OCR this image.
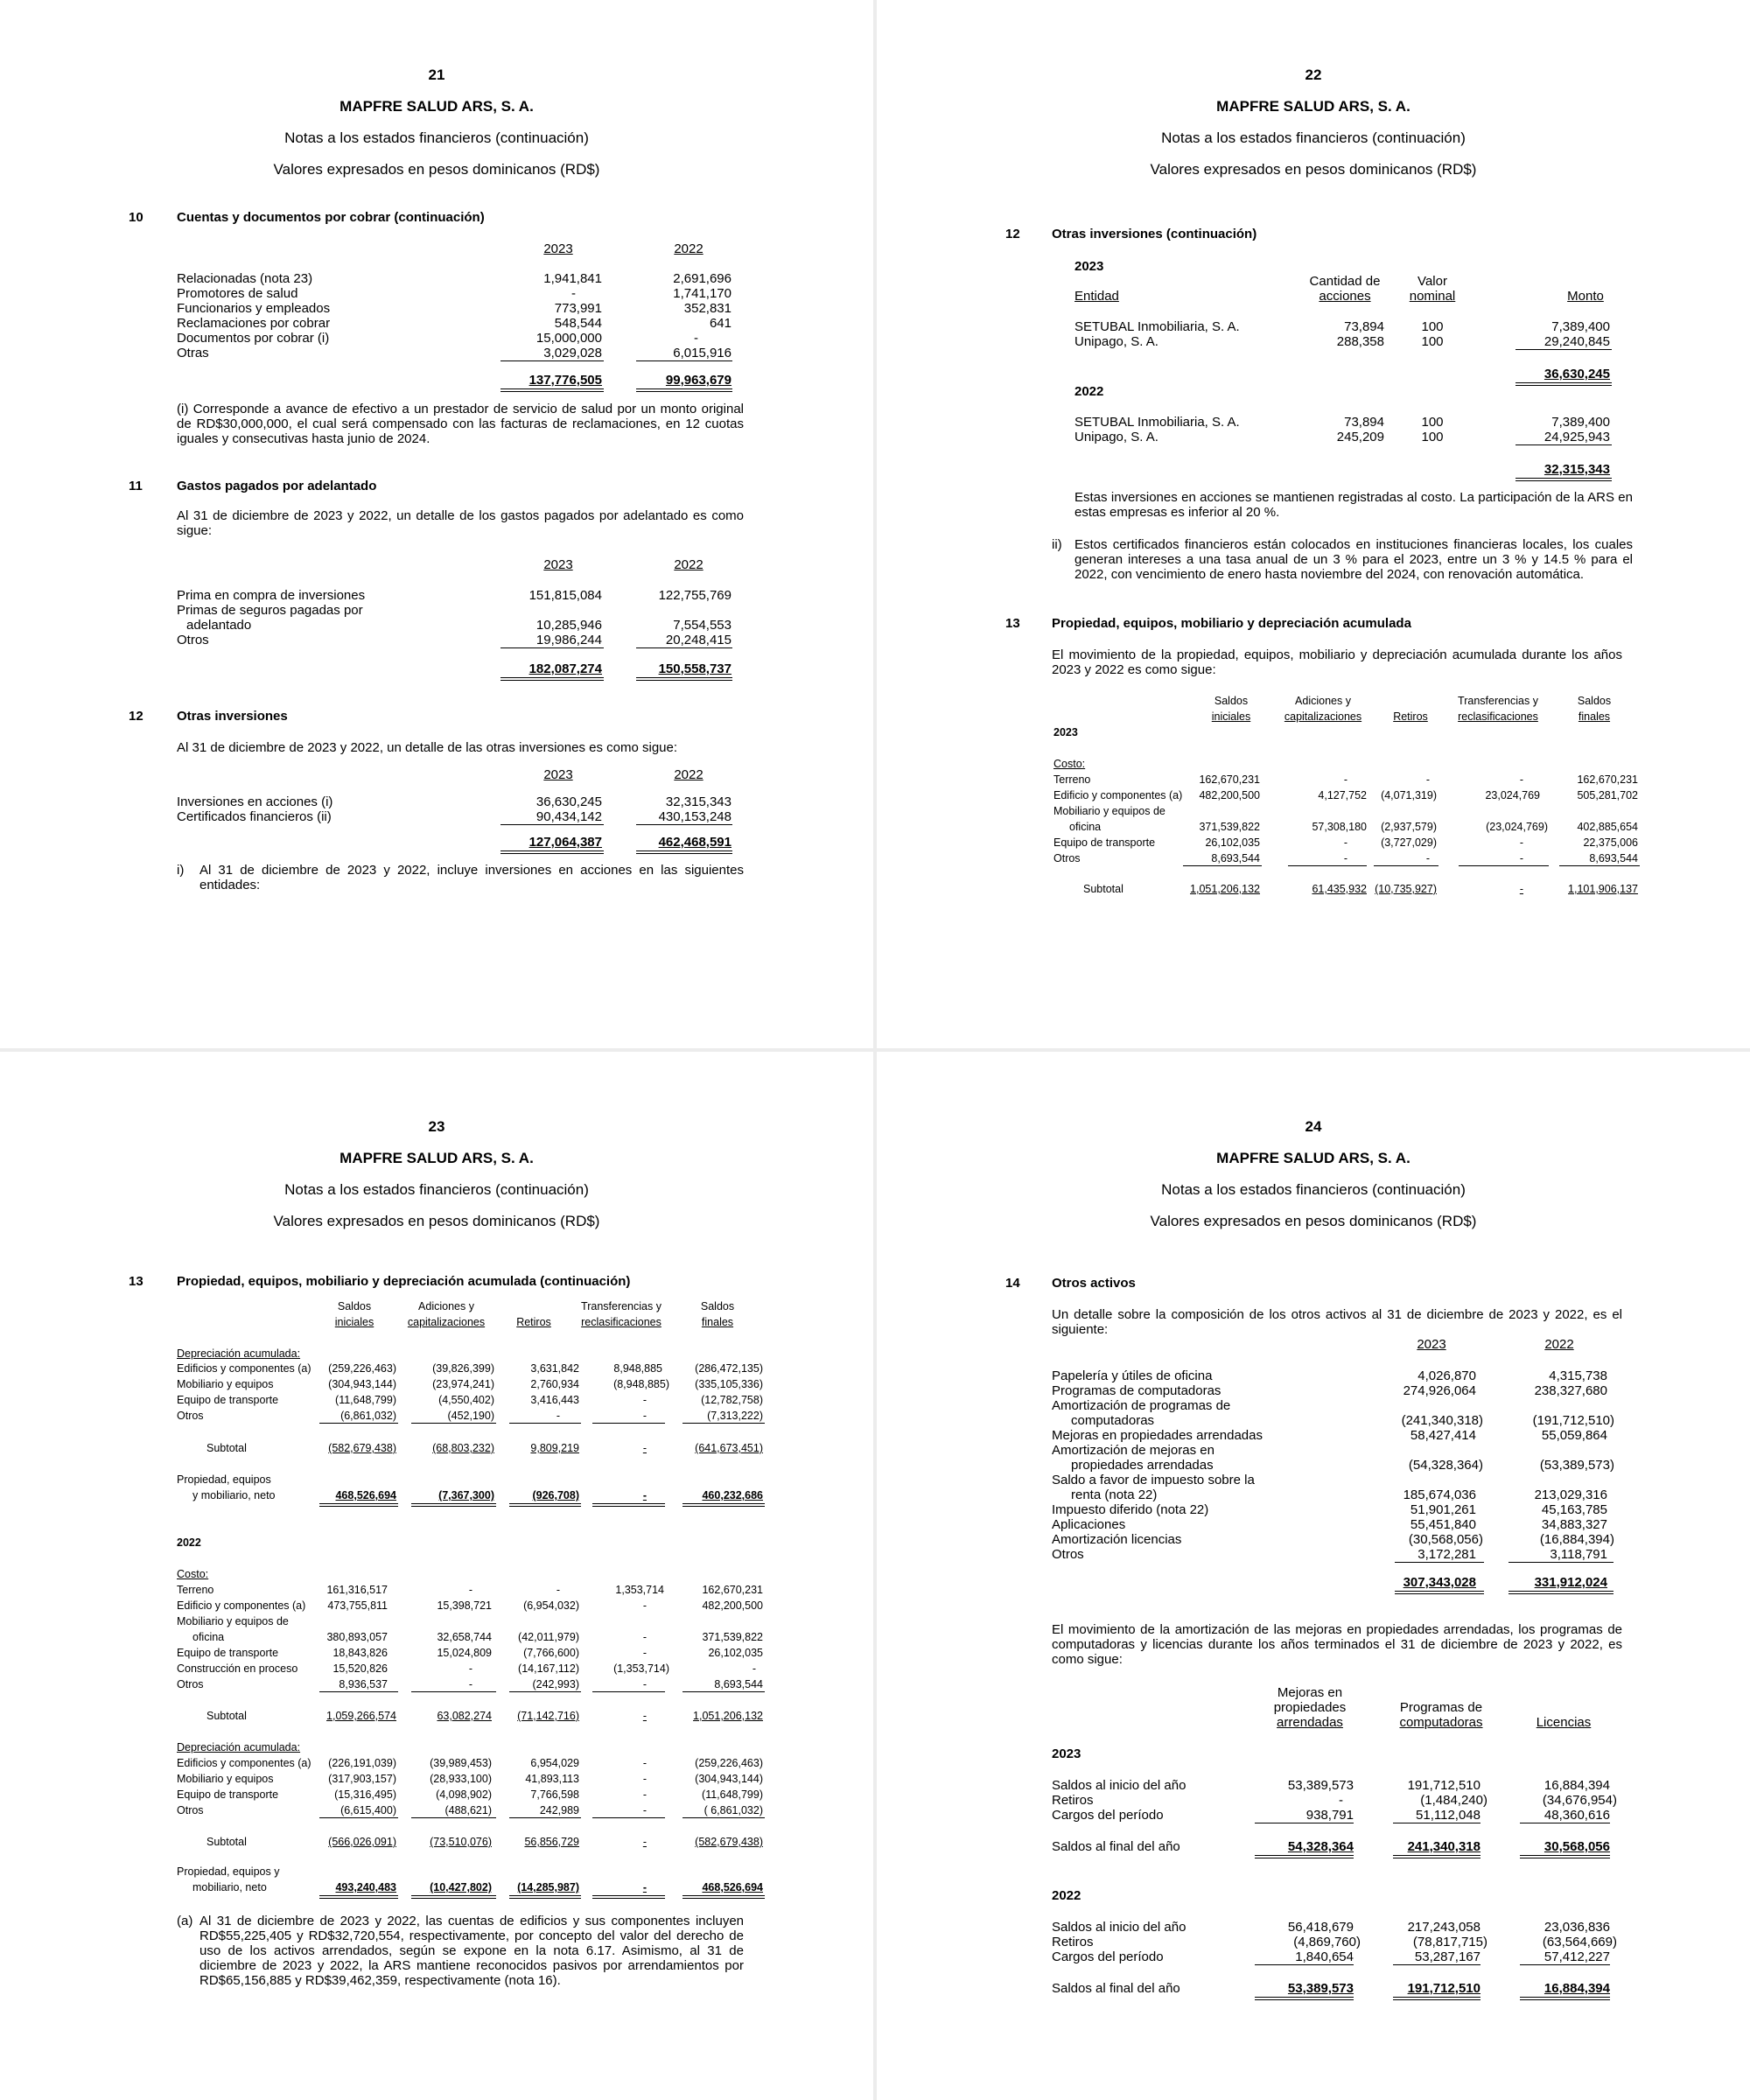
21
MAPFRE SALUD ARS, S. A.
Notas a los estados financieros (continuación)
Valores expresados en pesos dominicanos (RD$)
10	Cuentas y documentos por cobrar (continuación)
2023	2022
Relacionadas (nota 23)	1,941,841	2,691,696
Promotores de salud	-	1,741,170
Funcionarios y empleados	773,991	352,831
Reclamaciones por cobrar	548,544	641
Documentos por cobrar (i)	15,000,000	-
Otras	3,029,028	6,015,916
137,776,505	99,963,679
(i) Corresponde a avance de efectivo a un prestador de servicio de salud por un monto original de RD$30,000,000, el cual será compensado con las facturas de reclamaciones, en 12 cuotas iguales y consecutivas hasta junio de 2024.
11	Gastos pagados por adelantado
Al 31 de diciembre de 2023 y 2022, un detalle de los gastos pagados por adelantado es como sigue:
2023	2022
Prima en compra de inversiones	151,815,084	122,755,769
Primas de seguros pagadas por
adelantado	10,285,946	7,554,553
Otros	19,986,244	20,248,415
182,087,274	150,558,737
12	Otras inversiones
Al 31 de diciembre de 2023 y 2022, un detalle de las otras inversiones es como sigue:
2023	2022
Inversiones en acciones (i)	36,630,245	32,315,343
Certificados financieros (ii)	90,434,142	430,153,248
127,064,387	462,468,591
i) Al 31 de diciembre de 2023 y 2022, incluye inversiones en acciones en las siguientes entidades:
22
MAPFRE SALUD ARS, S. A.
Notas a los estados financieros (continuación)
Valores expresados en pesos dominicanos (RD$)
12 Otras inversiones (continuación)
2023
Cantidad de	Valor
Entidad	acciones	nominal	Monto
SETUBAL Inmobiliaria, S. A.	73,894	100	7,389,400
Unipago, S. A.	288,358	100	29,240,845
36,630,245
2022
SETUBAL Inmobiliaria, S. A.	73,894	100	7,389,400
Unipago, S. A.	245,209	100	24,925,943
32,315,343
Estas inversiones en acciones se mantienen registradas al costo. La participación de la ARS en estas empresas es inferior al 20 %.
ii) Estos certificados financieros están colocados en instituciones financieras locales, los cuales generan intereses a una tasa anual de un 3 % para el 2023, entre un 3 % y 14.5 % para el 2022, con vencimiento de enero hasta noviembre del 2024, con renovación automática.
13 Propiedad, equipos, mobiliario y depreciación acumulada
El movimiento de la propiedad, equipos, mobiliario y depreciación acumulada durante los años 2023 y 2022 es como sigue:
Saldos
iniciales
Adiciones y
capitalizaciones	Retiros
Transferencias y
reclasificaciones
Saldos
finales
2023
Costo:
Terreno	162,670,231	-	-	-	162,670,231
Edificio y componentes (a)	482,200,500	4,127,752	(4,071,319)	23,024,769	505,281,702
Mobiliario y equipos de
oficina	371,539,822	57,308,180	(2,937,579)	(23,024,769)	402,885,654
Equipo de transporte	26,102,035	-	(3,727,029)	-	22,375,006
Otros	8,693,544	-	-	-	8,693,544
Subtotal	1,051,206,132	61,435,932 (10,735,927)	-	1,101,906,137
23
MAPFRE SALUD ARS, S. A.
Notas a los estados financieros (continuación)
Valores expresados en pesos dominicanos (RD$)
13	Propiedad, equipos, mobiliario y depreciación acumulada (continuación)
Saldos
iniciales
Adiciones y
capitalizaciones	Retiros
Transferencias y
reclasificaciones
Saldos
finales
Depreciación acumulada:
Edificios y componentes (a)	(259,226,463)	(39,826,399)	3,631,842	8,948,885	(286,472,135)
Mobiliario y equipos	(304,943,144)	(23,974,241)	2,760,934	(8,948,885)	(335,105,336)
Equipo de transporte	(11,648,799)	(4,550,402)	3,416,443	-	(12,782,758)
Otros	(6,861,032)	(452,190)	-	-	(7,313,222)
Subtotal	(582,679,438)	(68,803,232)	9,809,219	-	(641,673,451)
Propiedad, equipos
y mobiliario, neto	468,526,694	(7,367,300)	(926,708)	-	460,232,686
2022
Costo:
Terreno	161,316,517	-	-	1,353,714	162,670,231
Edificio y componentes (a)	473,755,811	15,398,721	(6,954,032)	-	482,200,500
Mobiliario y equipos de
oficina	380,893,057	32,658,744	(42,011,979)	-	371,539,822
Equipo de transporte	18,843,826	15,024,809	(7,766,600)	-	26,102,035
Construcción en proceso	15,520,826	-	(14,167,112)	(1,353,714)	-
Otros	8,936,537	-	(242,993)	-	8,693,544
Subtotal	1,059,266,574	63,082,274	(71,142,716)	-	1,051,206,132
Depreciación acumulada:
Edificios y componentes (a)	(226,191,039)	(39,989,453)	6,954,029	-	(259,226,463)
Mobiliario y equipos	(317,903,157)	(28,933,100)	41,893,113	-	(304,943,144)
Equipo de transporte	(15,316,495)	(4,098,902)	7,766,598	-	(11,648,799)
Otros	(6,615,400)	(488,621)	242,989	-	( 6,861,032)
Subtotal	(566,026,091)	(73,510,076)	56,856,729	-	(582,679,438)
Propiedad, equipos y
mobiliario, neto	493,240,483	(10,427,802)	(14,285,987)	-	468,526,694
(a) Al 31 de diciembre de 2023 y 2022, las cuentas de edificios y sus componentes incluyen RD$55,225,405 y RD$32,720,554, respectivamente, por concepto del valor del derecho de uso de los activos arrendados, según se expone en la nota 6.17. Asimismo, al 31 de diciembre de 2023 y 2022, la ARS mantiene reconocidos pasivos por arrendamientos por RD$65,156,885 y RD$39,462,359, respectivamente (nota 16).
24
MAPFRE SALUD ARS, S. A.
Notas a los estados financieros (continuación)
Valores expresados en pesos dominicanos (RD$)
14 Otros activos
Un detalle sobre la composición de los otros activos al 31 de diciembre de 2023 y 2022, es el siguiente:
2023	2022
Papelería y útiles de oficina	4,026,870	4,315,738
Programas de computadoras	274,926,064	238,327,680
Amortización de programas de
computadoras	(241,340,318)	(191,712,510)
Mejoras en propiedades arrendadas	58,427,414	55,059,864
Amortización de mejoras en
propiedades arrendadas	(54,328,364)	(53,389,573)
Saldo a favor de impuesto sobre la
renta (nota 22)	185,674,036	213,029,316
Impuesto diferido (nota 22)	51,901,261	45,163,785
Aplicaciones	55,451,840	34,883,327
Amortización licencias	(30,568,056)	(16,884,394)
Otros	3,172,281	3,118,791
307,343,028	331,912,024
El movimiento de la amortización de las mejoras en propiedades arrendadas, los programas de computadoras y licencias durante los años terminados el 31 de diciembre de 2023 y 2022, es como sigue:
Mejoras en
propiedades
arrendadas
Programas de
computadoras	Licencias
2023
Saldos al inicio del año	53,389,573	191,712,510	16,884,394
Retiros	-	(1,484,240)	(34,676,954)
Cargos del período	938,791	51,112,048	48,360,616
Saldos al final del año	54,328,364	241,340,318	30,568,056
2022
Saldos al inicio del año	56,418,679	217,243,058	23,036,836
Retiros	(4,869,760)	(78,817,715)	(63,564,669)
Cargos del período	1,840,654	53,287,167	57,412,227
Saldos al final del año	53,389,573	191,712,510	16,884,394
